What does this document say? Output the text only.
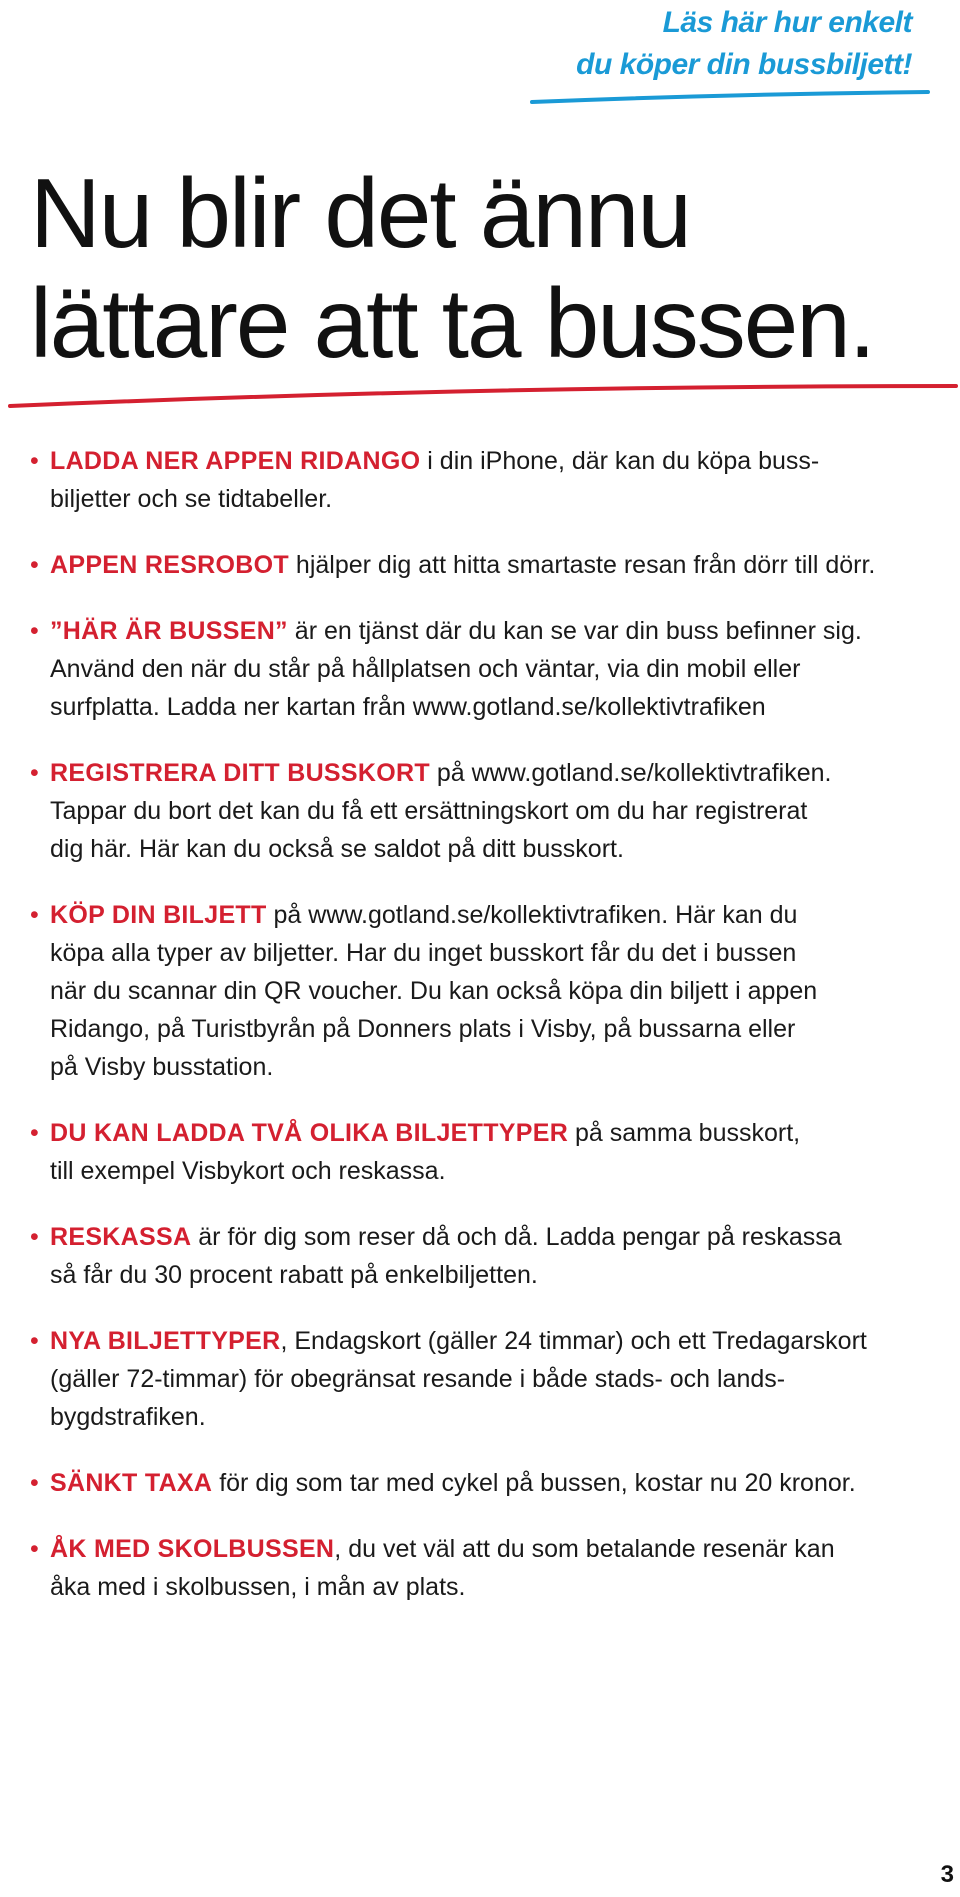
Läs här hur enkelt
du köper din bussbiljett!
Nu blir det ännu
lättare att ta bussen.
• LADDA NER APPEN RIDANGO i din iPhone, där kan du köpa buss-
biljetter och se tidtabeller.
• APPEN RESROBOT hjälper dig att hitta smartaste resan från dörr till dörr.
• ”HÄR ÄR BUSSEN” är en tjänst där du kan se var din buss befinner sig.
Använd den när du står på hållplatsen och väntar, via din mobil eller
surfplatta. Ladda ner kartan från www.gotland.se/kollektivtrafiken
• REGISTRERA DITT BUSSKORT på www.gotland.se/kollektivtrafiken.
Tappar du bort det kan du få ett ersättningskort om du har registrerat
dig här. Här kan du också se saldot på ditt busskort.
• KÖP DIN BILJETT på www.gotland.se/kollektivtrafiken. Här kan du
köpa alla typer av biljetter. Har du inget busskort får du det i bussen
när du scannar din QR voucher. Du kan också köpa din biljett i appen
Ridango, på Turistbyrån på Donners plats i Visby, på bussarna eller
på Visby busstation.
• DU KAN LADDA TVÅ OLIKA BILJETTYPER på samma busskort,
till exempel Visbykort och reskassa.
• RESKASSA är för dig som reser då och då. Ladda pengar på reskassa
så får du 30 procent rabatt på enkelbiljetten.
• NYA BILJETTYPER, Endagskort (gäller 24 timmar) och ett Tredagarskort
(gäller 72-timmar) för obegränsat resande i både stads- och lands-
bygdstrafiken.
• SÄNKT TAXA för dig som tar med cykel på bussen, kostar nu 20 kronor.
• ÅK MED SKOLBUSSEN, du vet väl att du som betalande resenär kan
åka med i skolbussen, i mån av plats.
3
